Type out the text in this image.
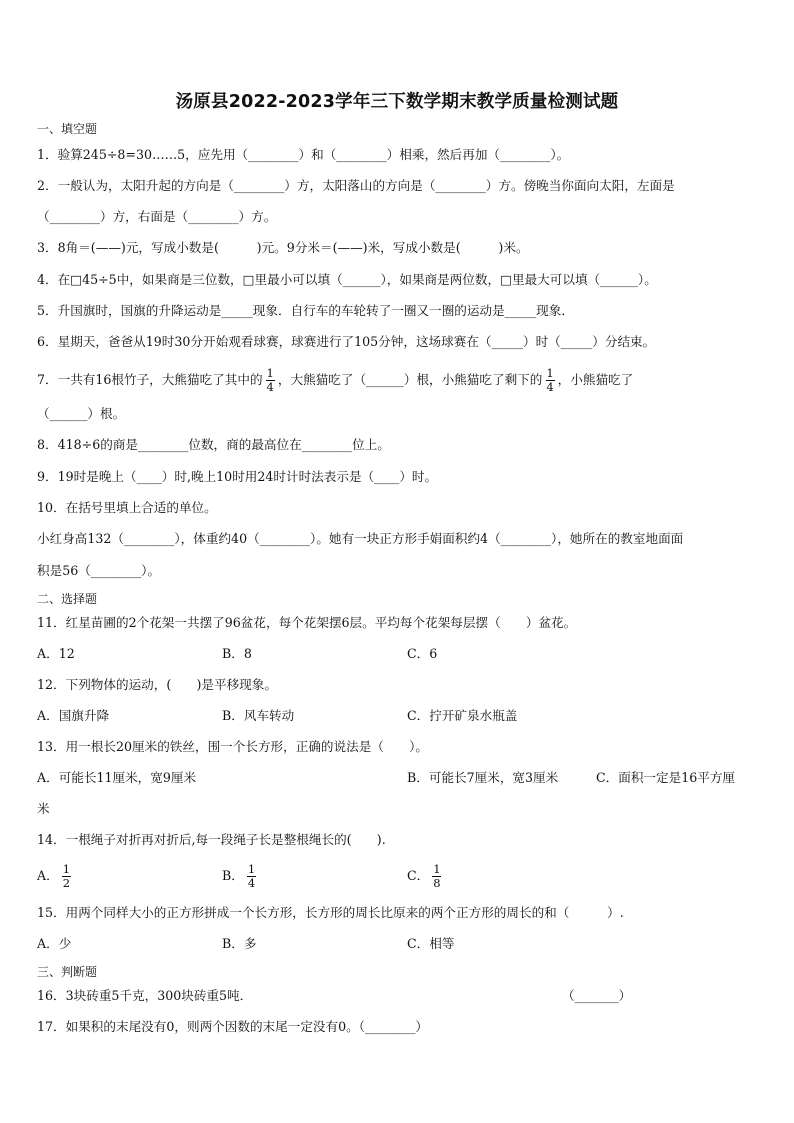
汤原县2022-2023学年三下数学期末教学质量检测试题
一、填空题
1．验算245÷8=30……5，应先用（________）和（________）相乘，然后再加（________）。
2．一般认为，太阳升起的方向是（________）方，太阳落山的方向是（________）方。傍晚当你面向太阳，左面是
（________）方，右面是（________）方。
3．8角＝(——)元，写成小数是(　　　)元。9分米＝(——)米，写成小数是(　　　)米。
4．在□45÷5中，如果商是三位数，□里最小可以填（______），如果商是两位数，□里最大可以填（______）。
5．升国旗时，国旗的升降运动是_____现象．自行车的车轮转了一圈又一圈的运动是_____现象．
6．星期天，爸爸从19时30分开始观看球赛，球赛进行了105分钟，这场球赛在（_____）时（_____）分结束。
7．一共有16根竹子，大熊猫吃了其中的 $\frac{1}{4}$ ，大熊猫吃了（______）根，小熊猫吃了剩下的 $\frac{1}{4}$ ，小熊猫吃了
（______）根。
8．418÷6的商是________位数，商的最高位在________位上。
9．19时是晚上（____）时,晚上10时用24时计时法表示是（____）时。
10．在括号里填上合适的单位。
小红身高132（________），体重约40（________）。她有一块正方形手娟面积约4（________），她所在的教室地面面
积是56（________）。
二、选择题
11．红星苗圃的2个花架一共摆了96盆花，每个花架摆6层。平均每个花架每层摆（　　）盆花。
A．12	B．8	C．6
12．下列物体的运动，(　　)是平移现象。
A．国旗升降	B．风车转动	C．拧开矿泉水瓶盖
13．用一根长20厘米的铁丝，围一个长方形，正确的说法是（　　）。
A．可能长11厘米，宽9厘米	B．可能长7厘米，宽3厘米	C．面积一定是16平方厘
米
14．一根绳子对折再对折后,每一段绳子长是整根绳长的(　　).
A． $\frac{1}{2}$	B． $\frac{1}{4}$	C． $\frac{1}{8}$
15．用两个同样大小的正方形拼成一个长方形，长方形的周长比原来的两个正方形的周长的和（　　　）.
A．少	B．多	C．相等
三、判断题
16．3块砖重5千克，300块砖重5吨．	（_______）
17．如果积的末尾没有0，则两个因数的末尾一定没有0。（________）
